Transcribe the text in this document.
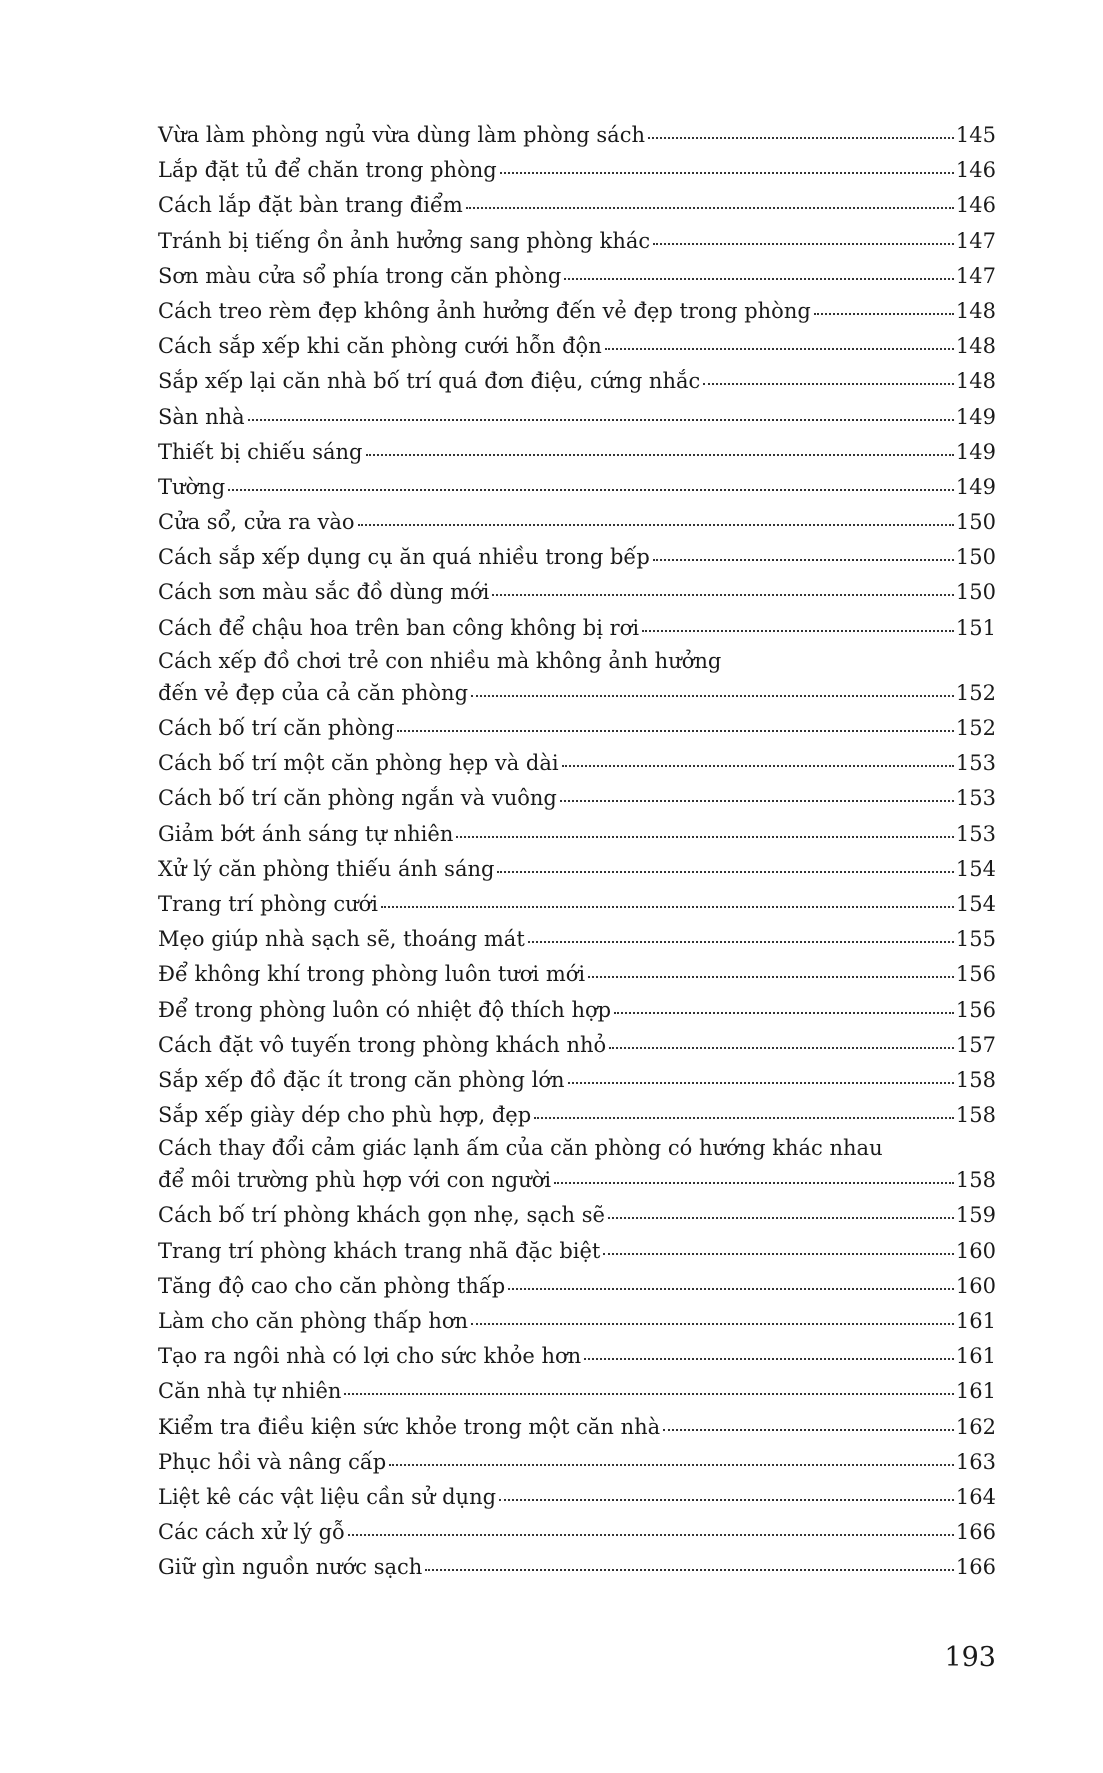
Vừa làm phòng ngủ vừa dùng làm phòng sách	145
Lắp đặt tủ để chăn trong phòng	146
Cách lắp đặt bàn trang điểm	146
Tránh bị tiếng ồn ảnh hưởng sang phòng khác	147
Sơn màu cửa sổ phía trong căn phòng	147
Cách treo rèm đẹp không ảnh hưởng đến vẻ đẹp trong phòng	148
Cách sắp xếp khi căn phòng cưới hỗn độn	148
Sắp xếp lại căn nhà bố trí quá đơn điệu, cứng nhắc	148
Sàn nhà	149
Thiết bị chiếu sáng	149
Tường	149
Cửa sổ, cửa ra vào	150
Cách sắp xếp dụng cụ ăn quá nhiều trong bếp	150
Cách sơn màu sắc đồ dùng mới	150
Cách để chậu hoa trên ban công không bị rơi	151
Cách xếp đồ chơi trẻ con nhiều mà không ảnh hưởng
đến vẻ đẹp của cả căn phòng	152
Cách bố trí căn phòng	152
Cách bố trí một căn phòng hẹp và dài	153
Cách bố trí căn phòng ngắn và vuông	153
Giảm bớt ánh sáng tự nhiên	153
Xử lý căn phòng thiếu ánh sáng	154
Trang trí phòng cưới	154
Mẹo giúp nhà sạch sẽ, thoáng mát	155
Để không khí trong phòng luôn tươi mới	156
Để trong phòng luôn có nhiệt độ thích hợp	156
Cách đặt vô tuyến trong phòng khách nhỏ	157
Sắp xếp đồ đặc ít trong căn phòng lớn	158
Sắp xếp giày dép cho phù hợp, đẹp	158
Cách thay đổi cảm giác lạnh ấm của căn phòng có hướng khác nhau
để môi trường phù hợp với con người	158
Cách bố trí phòng khách gọn nhẹ, sạch sẽ	159
Trang trí phòng khách trang nhã đặc biệt	160
Tăng độ cao cho căn phòng thấp	160
Làm cho căn phòng thấp hơn	161
Tạo ra ngôi nhà có lợi cho sức khỏe hơn	161
Căn nhà tự nhiên	161
Kiểm tra điều kiện sức khỏe trong một căn nhà	162
Phục hồi và nâng cấp	163
Liệt kê các vật liệu cần sử dụng	164
Các cách xử lý gỗ	166
Giữ gìn nguồn nước sạch	166
193
